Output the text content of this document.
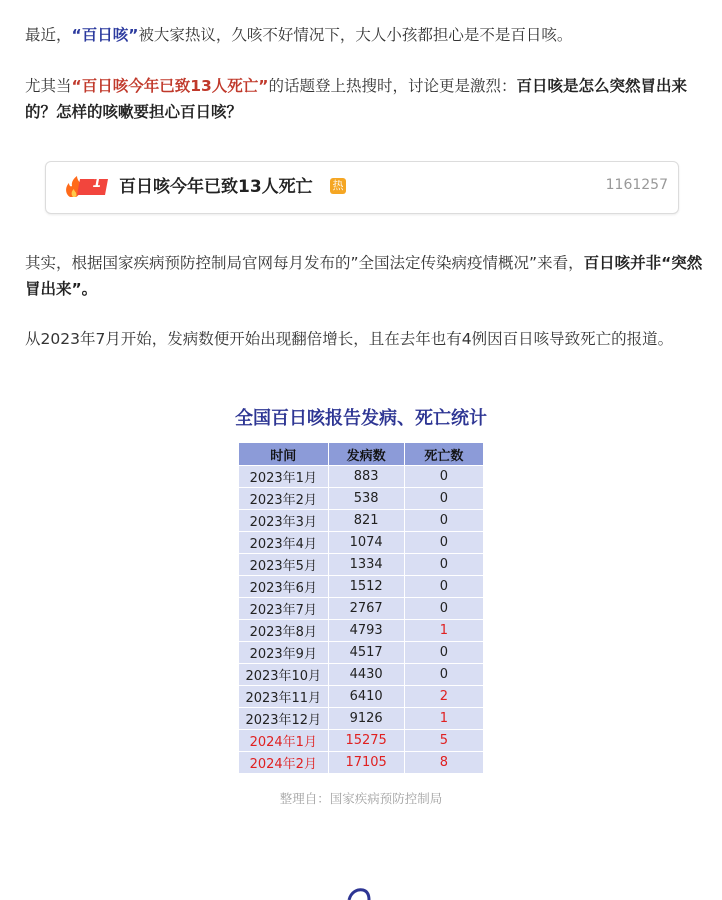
最近，“百日咳”被大家热议，久咳不好情况下，大人小孩都担心是不是百日咳。

尤其当“百日咳今年已致13人死亡”的话题登上热搜时，讨论更是激烈：百日咳是怎么突然冒出来的？怎样的咳嗽要担心百日咳？

1	百日咳今年已致13人死亡 热	1161257

其实，根据国家疾病预防控制局官网每月发布的”全国法定传染病疫情概况”来看，百日咳并非“突然冒出来”。

从2023年7月开始，发病数便开始出现翻倍增长，且在去年也有4例因百日咳导致死亡的报道。

全国百日咳报告发病、死亡统计
时间	发病数	死亡数
2023年1月	883	0
2023年2月	538	0
2023年3月	821	0
2023年4月	1074	0
2023年5月	1334	0
2023年6月	1512	0
2023年7月	2767	0
2023年8月	4793	1
2023年9月	4517	0
2023年10月	4430	0
2023年11月	6410	2
2023年12月	9126	1
2024年1月	15275	5
2024年2月	17105	8
整理自：国家疾病预防控制局
